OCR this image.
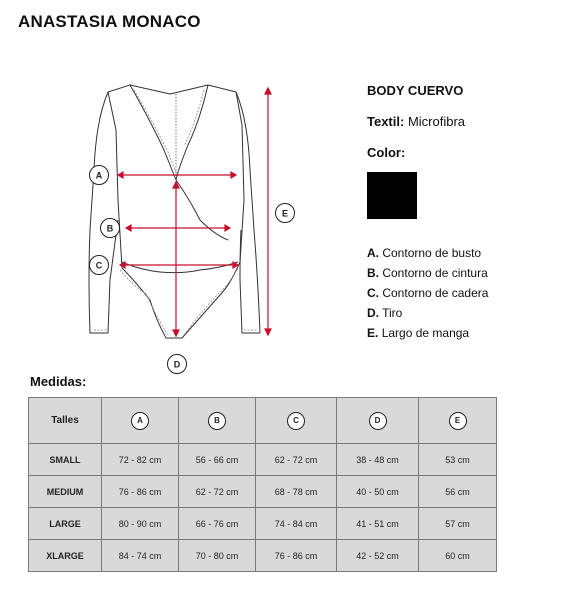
ANASTASIA MONACO
A
B
C
D
E

BODY CUERVO

Textil: Microfibra

Color:

A. Contorno de busto
B. Contorno de cintura
C. Contorno de cadera
D. Tiro
E. Largo de manga
Medidas:
Talles	A	B	C	D	E
SMALL	72 - 82 cm	56 - 66 cm	62 - 72 cm	38 - 48 cm	53 cm
MEDIUM	76 - 86 cm	62 - 72 cm	68 - 78 cm	40 - 50 cm	56 cm
LARGE	80 - 90 cm	66 - 76 cm	74 - 84 cm	41 - 51 cm	57 cm
XLARGE	84 - 74 cm	70 - 80 cm	76 - 86 cm	42 - 52 cm	60 cm
